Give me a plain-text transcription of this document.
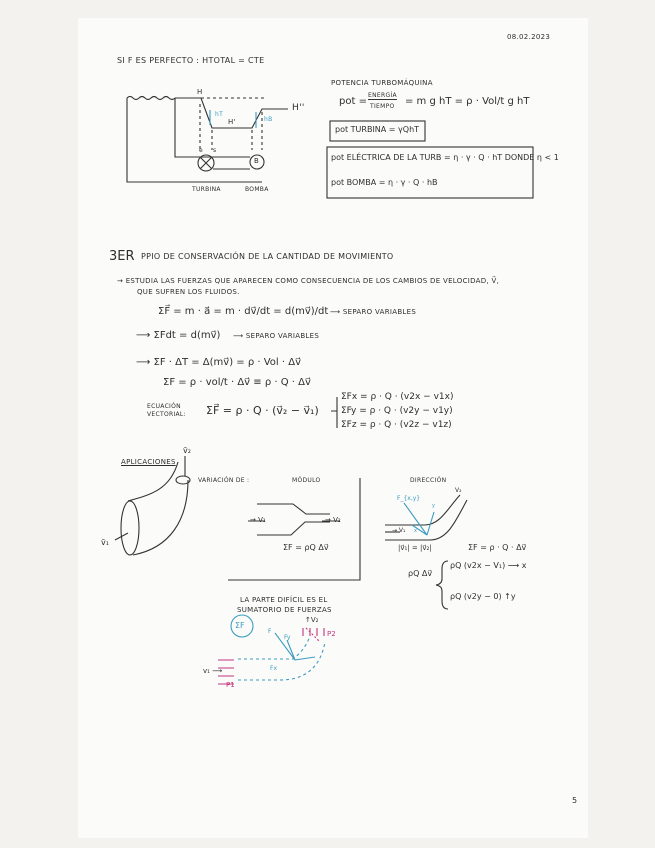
08.02.2023
SI F ES PERFECTO : HTOTAL = CTE
H
H'
H''
hT
hB
e s
B
TURBINA	BOMBA
POTENCIA TURBOMÁQUINA
pot =
ENERGÍA
TIEMPO = m g hT = ρ · Vol/t g hT
pot TURBINA = γQhT
pot ELÉCTRICA DE LA TURB = η · γ · Q · hT DONDE η < 1
pot BOMBA = η · γ · Q · hB
3ER PPIO DE CONSERVACIÓN DE LA CANTIDAD DE MOVIMIENTO
→ ESTUDIA LAS FUERZAS QUE APARECEN COMO CONSECUENCIA DE LOS CAMBIOS DE VELOCIDAD, V⃗,
QUE SUFREN LOS FLUIDOS.
ΣF⃗ = m · a⃗ = m · dv⃗/dt = d(mv⃗)/dt ⟶ SEPARO VARIABLES
⟶ ΣFdt = d(mv⃗) ⟶ SEPARO VARIABLES
⟶ ΣF · ΔT = Δ(mv⃗) = ρ · Vol · Δv⃗
ΣF = ρ · vol/t · Δv⃗ ≡ ρ · Q · Δv⃗
ECUACIÓN
VECTORIAL: ΣF⃗ = ρ · Q · (v⃗₂ − v⃗₁)
ΣFx = ρ · Q · (v2x − v1x)
ΣFy = ρ · Q · (v2y − v1y)
ΣFz = ρ · Q · (v2z − v1z)
APLICACIONES
v̄₂
v̄₁
VARIACIÓN DE :	MÓDULO
→ V₁	→ V₂
ΣF = ρQ Δv⃗
DIRECCIÓN
F_{x,y}
y
x
→ V₁
V₂
|v⃗₁| = |v⃗₂|	ΣF = ρ · Q · Δv⃗
ρQ Δv⃗
ρQ (v2x − V₁) ⟶ x
ρQ (v2y − 0) ↑y
LA PARTE DIFÍCIL ES EL
SUMATORIO DE FUERZAS
ΣF
↑V₂
P2
F
Fy
Fx
v₁ ⟶
P1
5
